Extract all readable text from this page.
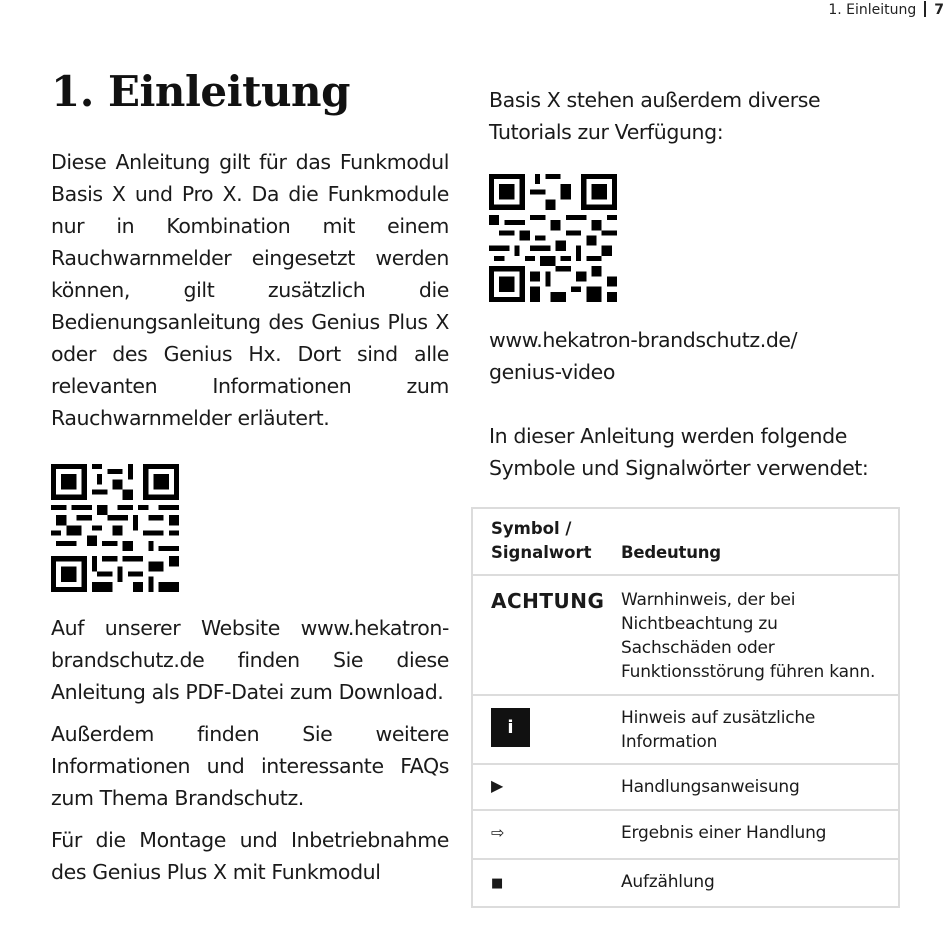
1. Einleitung 7
1. Einleitung

Diese Anleitung gilt für das Funkmodul Basis X und Pro X. Da die Funkmodule nur in Kombination mit einem Rauchwarnmelder eingesetzt werden können, gilt zusätzlich die Bedienungsanleitung des Genius Plus X oder des Genius Hx. Dort sind alle relevanten Informationen zum Rauchwarnmelder erläutert.

Auf unserer Website www.hekatron-brandschutz.de finden Sie diese Anleitung als PDF-Datei zum Download.

Außerdem finden Sie weitere Informationen und interessante FAQs zum Thema Brandschutz.

Für die Montage und Inbetriebnahme des Genius Plus X mit Funkmodul

Basis X stehen außerdem diverse Tutorials zur Verfügung:

www.hekatron-brandschutz.de/
genius-video

In dieser Anleitung werden folgende Symbole und Signalwörter verwendet:

Symbol /
Signalwort	Bedeutung

ACHTUNG	Warnhinweis, der bei Nichtbeachtung zu Sachschäden oder Funktionsstörung führen kann.
i	Hinweis auf zusätzliche Information
▶	Handlungsanweisung
⇨	Ergebnis einer Handlung
■	Aufzählung
